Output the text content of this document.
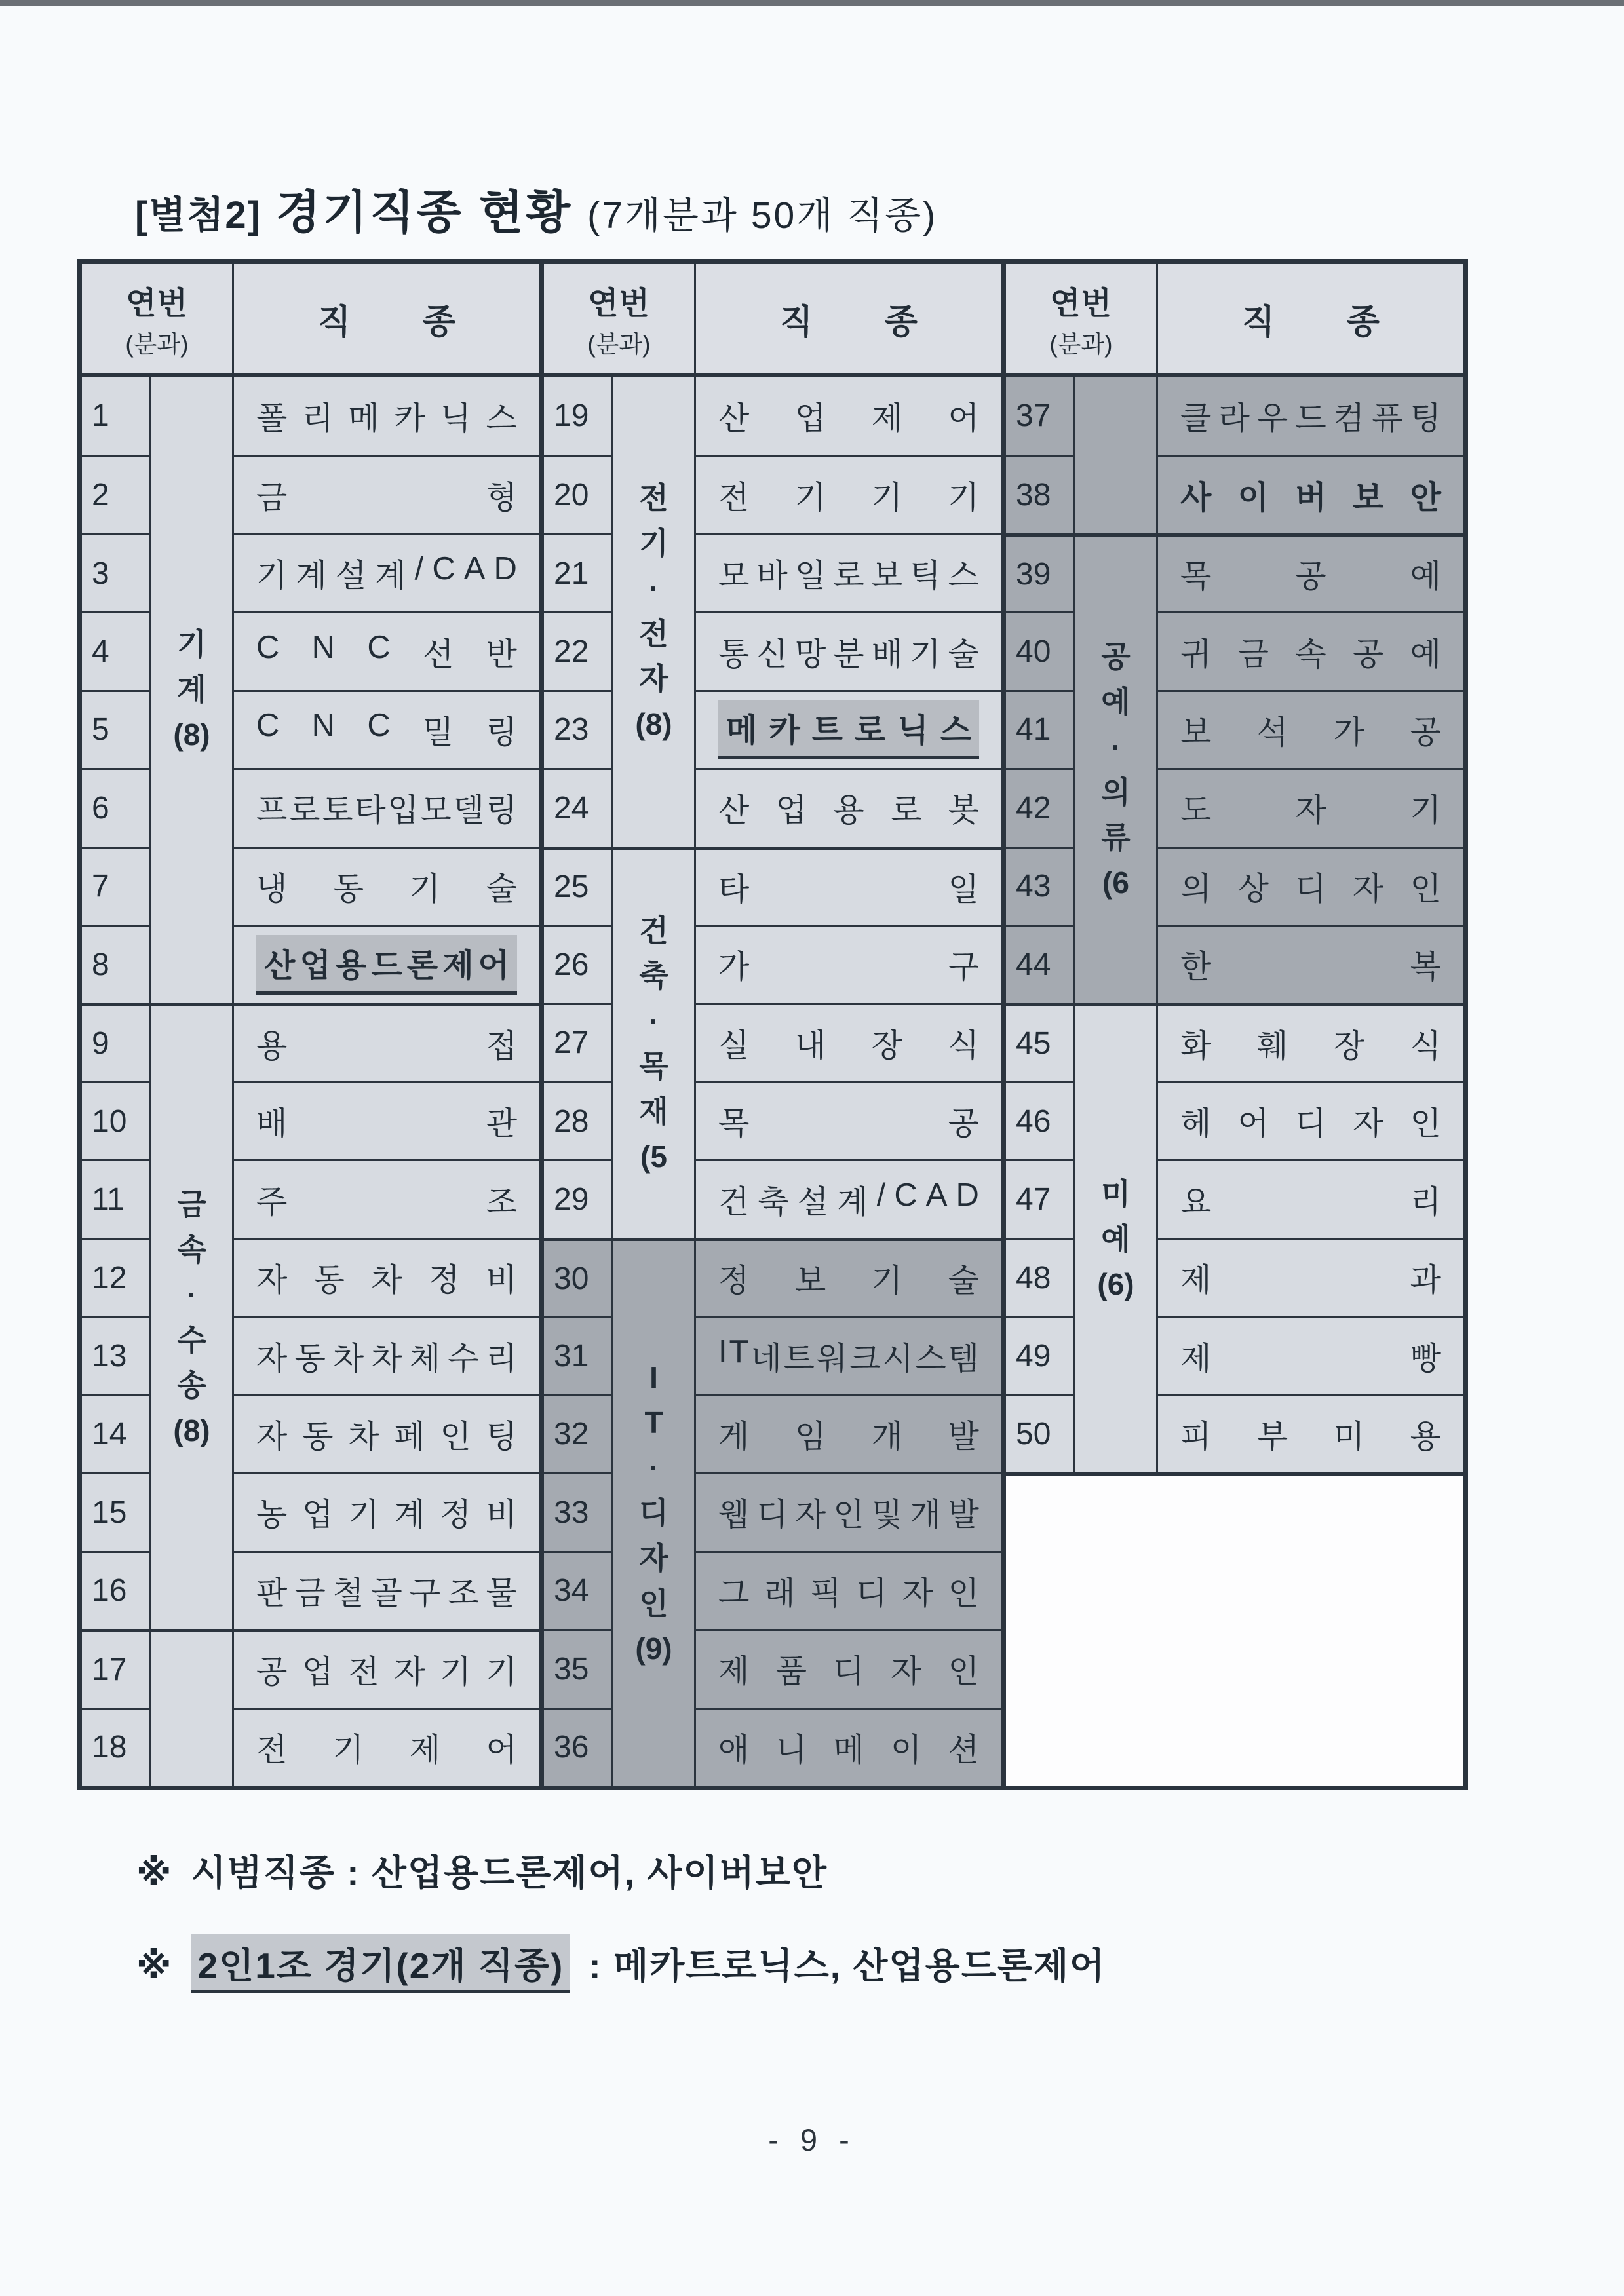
[별첨2] 경기직종 현황 (7개분과 50개 직종)
연번
(분과)
직 종
기
계
(8)
1	폴 리 메 카 닉 스
2	금	형
3	기 계 설 계 / C A D
4	C N C 선 반
5	C N C 밀 링
6	프 로 토 타 입 모 델 링
7	냉 동 기 술
8	산 업 용 드 론 제 어
금
속
·
수
송
(8)
9	용	접
10	배	관
11	주	조
12	자 동 차 정 비
13	자 동 차 차 체 수 리
14	자 동 차 페 인 팅
15	농 업 기 계 정 비
16	판 금 철 골 구 조 물
17	공 업 전 자 기 기
18	전 기 제 어
연번
(분과)
직 종
전
기
·
전
자
(8)
19	산 업 제 어
20	전 기 기 기
21	모 바 일 로 보 틱 스
22	통 신 망 분 배 기 술
23	메 카 트 로 닉 스
24	산 업 용 로 봇
건
축
·
목
재
(5
25	타	일
26	가	구
27	실 내 장 식
28	목	공
29	건 축 설 계 / C A D
I
T
·
디
자
인
(9)
30	정 보 기 술
31	I T 네 트 워 크 시 스 템
32	게 임 개 발
33	웹 디 자 인 및 개 발
34	그 래 픽 디 자 인
35	제 품 디 자 인
36	애 니 메 이 션
연번
(분과)
직 종
37	클 라 우 드 컴 퓨 팅
38	사 이 버 보 안
공
예
·
의
류
(6
39	목	공	예
40	귀 금 속 공 예
41	보 석 가 공
42	도	자	기
43	의 상 디 자 인
44	한	복
미
예
(6)
45	화 훼 장 식
46	헤 어 디 자 인
47	요	리
48	제	과
49	제	빵
50	피 부 미 용
※ 시범직종 : 산업용드론제어, 사이버보안
※ 2인1조 경기(2개 직종) : 메카트로닉스, 산업용드론제어
- 9 -
